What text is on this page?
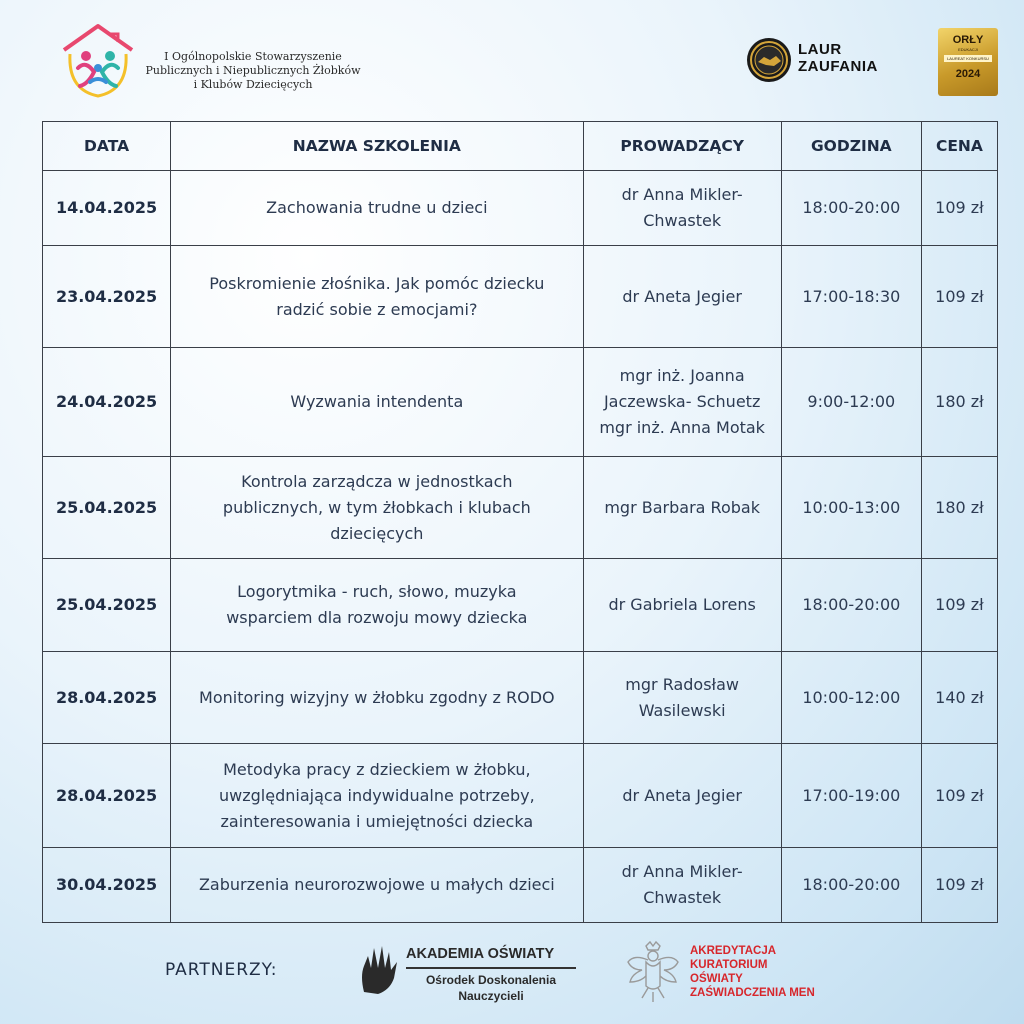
I Ogólnopolskie Stowarzyszenie
Publicznych i Niepublicznych Żłobków
i Klubów Dziecięcych
LAUR
ZAUFANIA
ORŁY
EDUKACJI
LAUREAT KONKURSU
2024
DATA	NAZWA SZKOLENIA	PROWADZĄCY	GODZINA	CENA
14.04.2025	Zachowania trudne u dzieci	dr Anna Mikler-
Chwastek	18:00-20:00	109 zł
23.04.2025	Poskromienie złośnika. Jak pomóc dziecku
radzić sobie z emocjami?	dr Aneta Jegier	17:00-18:30	109 zł
24.04.2025	Wyzwania intendenta	mgr inż. Joanna
Jaczewska- Schuetz
mgr inż. Anna Motak	9:00-12:00	180 zł
25.04.2025	Kontrola zarządcza w jednostkach
publicznych, w tym żłobkach i klubach
dziecięcych	mgr Barbara Robak	10:00-13:00	180 zł
25.04.2025	Logorytmika - ruch, słowo, muzyka
wsparciem dla rozwoju mowy dziecka	dr Gabriela Lorens	18:00-20:00	109 zł
28.04.2025	Monitoring wizyjny w żłobku zgodny z RODO	mgr Radosław
Wasilewski	10:00-12:00	140 zł
28.04.2025	Metodyka pracy z dzieckiem w żłobku,
uwzględniająca indywidualne potrzeby,
zainteresowania i umiejętności dziecka	dr Aneta Jegier	17:00-19:00	109 zł
30.04.2025	Zaburzenia neurorozwojowe u małych dzieci	dr Anna Mikler-
Chwastek	18:00-20:00	109 zł
PARTNERZY:
AKADEMIA OŚWIATY
Ośrodek Doskonalenia
Nauczycieli
AKREDYTACJA
KURATORIUM
OŚWIATY
ZAŚWIADCZENIA MEN
